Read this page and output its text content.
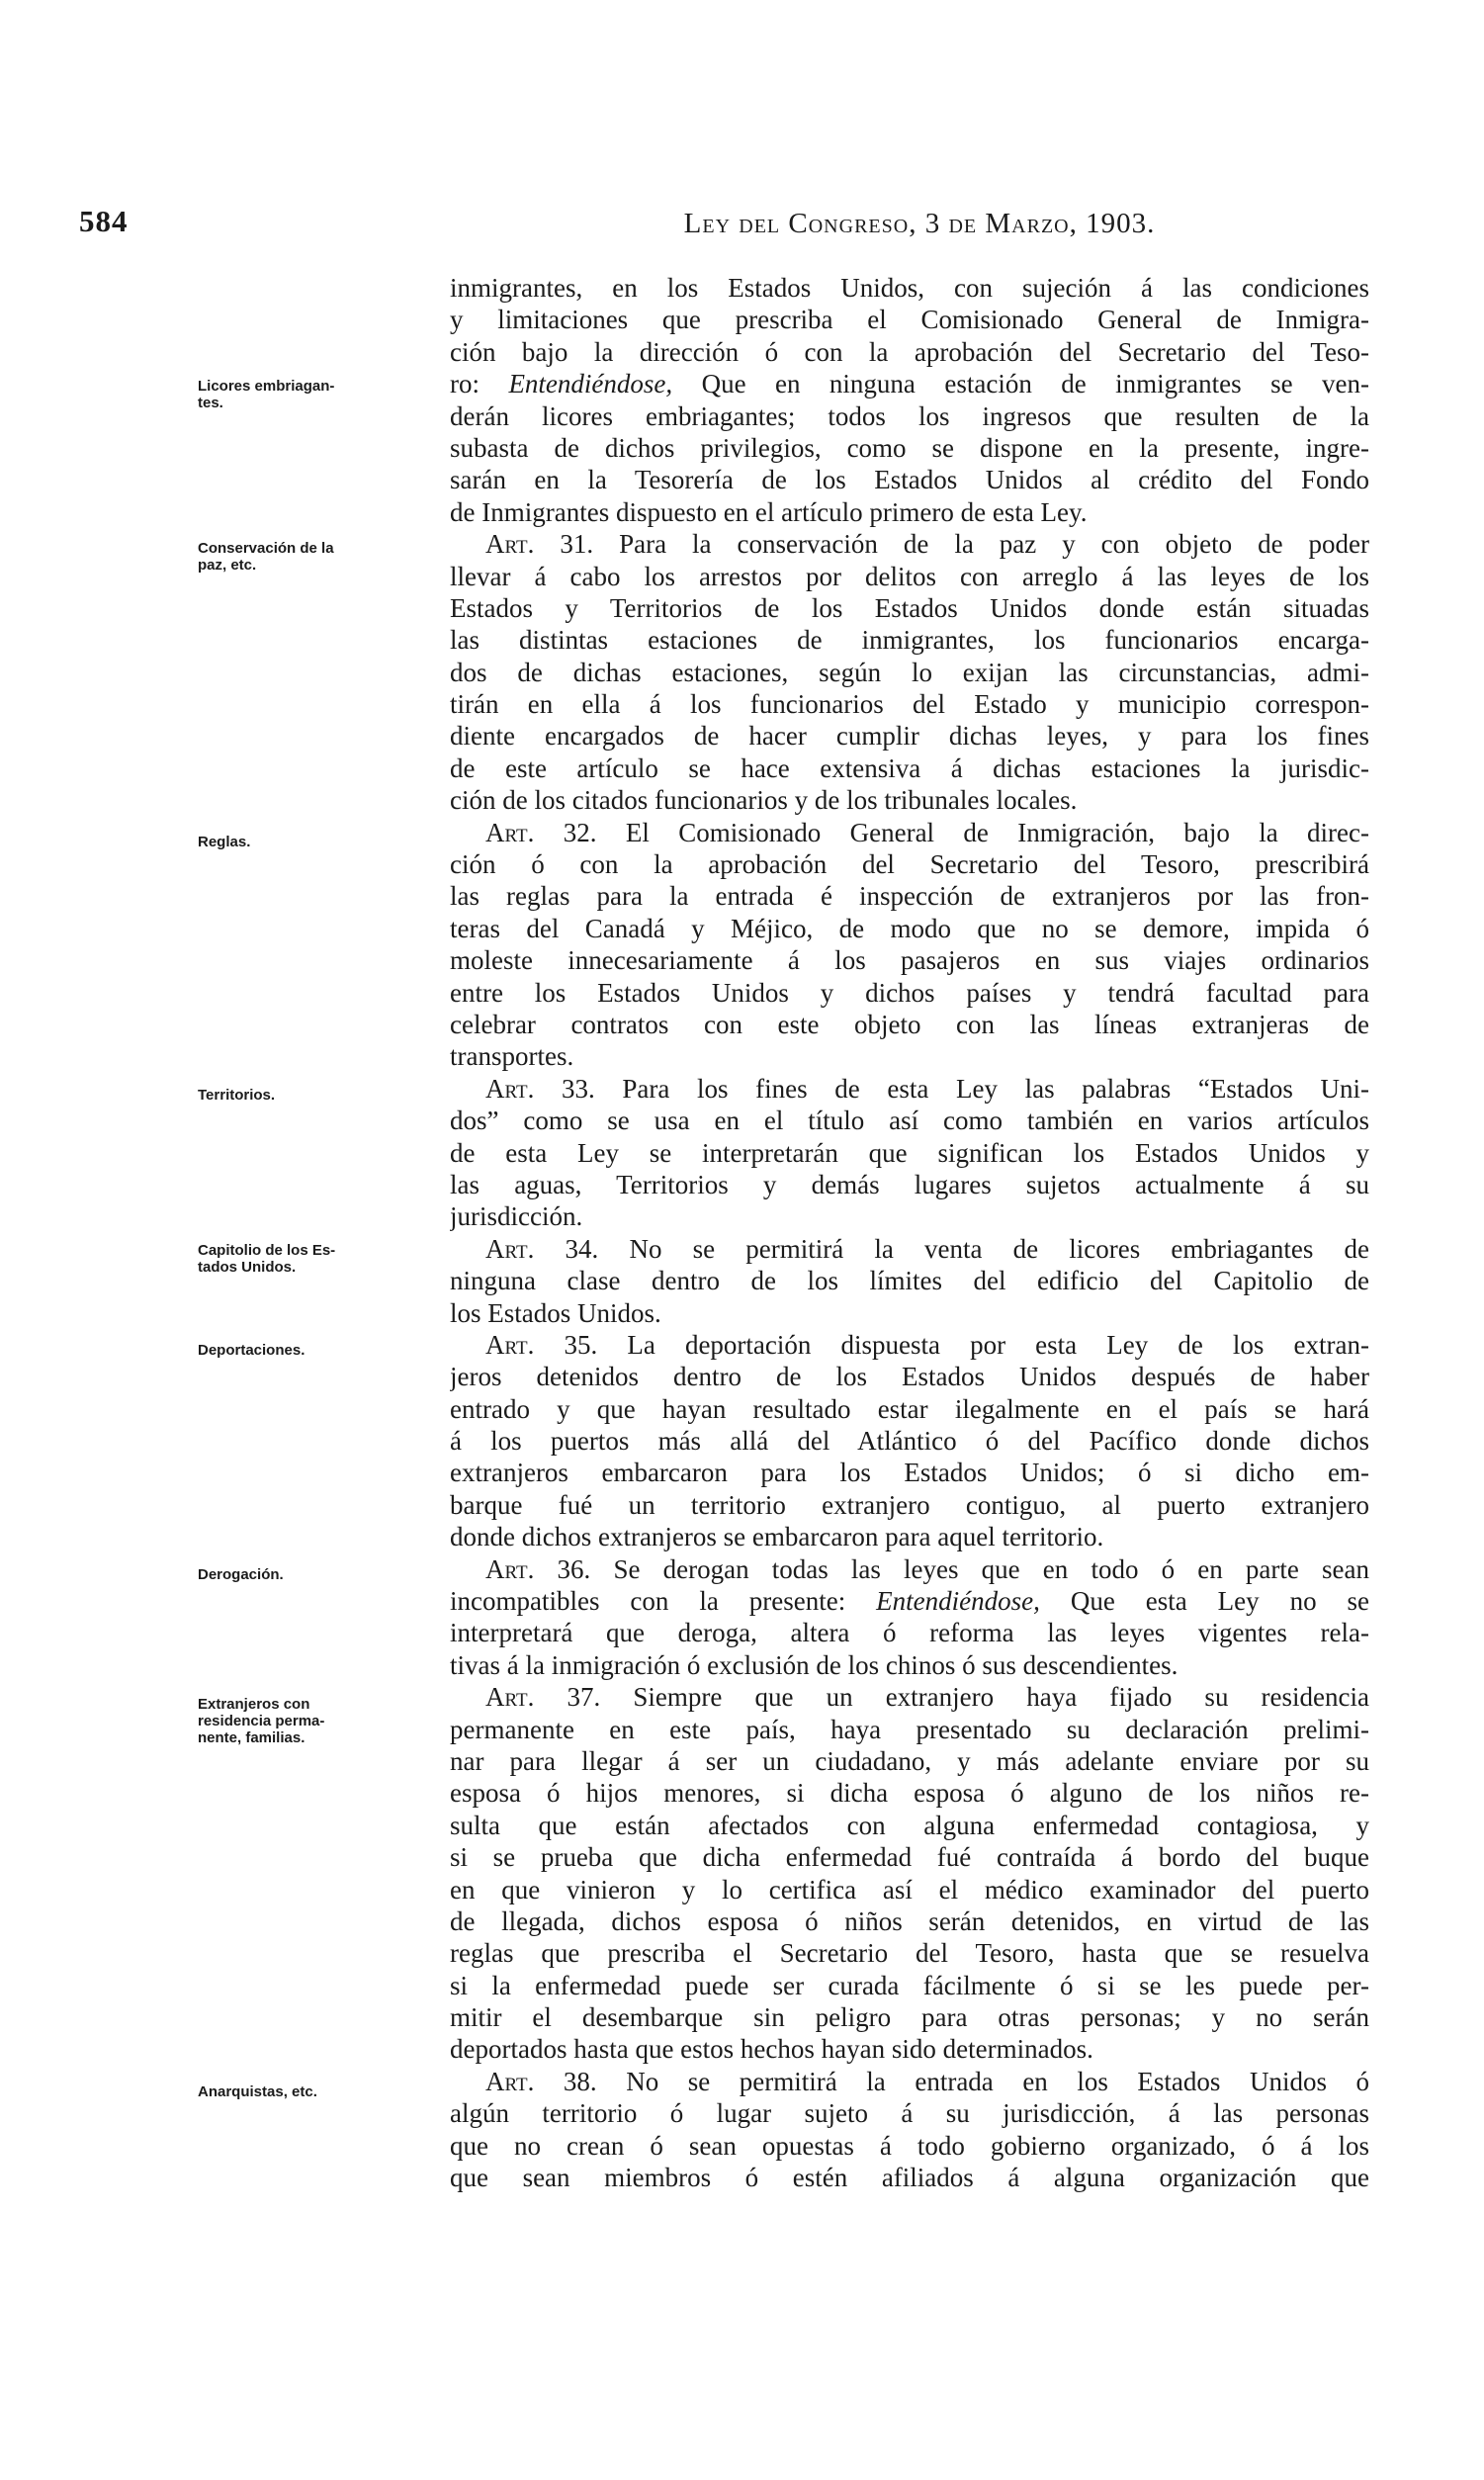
584	Ley del Congreso, 3 de Marzo, 1903.
Licores embriagan-
tes.
Conservación de la
paz, etc.
Reglas.
Territorios.
Capitolio de los Es-
tados Unidos.
Deportaciones.
Derogación.
Extranjeros con
residencia perma-
nente, familias.
Anarquistas, etc.
inmigrantes, en los Estados Unidos, con sujeción á las condiciones
y limitaciones que prescriba el Comisionado General de Inmigra-
ción bajo la dirección ó con la aprobación del Secretario del Teso-
ro: Entendiéndose, Que en ninguna estación de inmigrantes se ven-
derán licores embriagantes; todos los ingresos que resulten de la
subasta de dichos privilegios, como se dispone en la presente, ingre-
sarán en la Tesorería de los Estados Unidos al crédito del Fondo
de Inmigrantes dispuesto en el artículo primero de esta Ley.
Art. 31. Para la conservación de la paz y con objeto de poder
llevar á cabo los arrestos por delitos con arreglo á las leyes de los
Estados y Territorios de los Estados Unidos donde están situadas
las distintas estaciones de inmigrantes, los funcionarios encarga-
dos de dichas estaciones, según lo exijan las circunstancias, admi-
tirán en ella á los funcionarios del Estado y municipio correspon-
diente encargados de hacer cumplir dichas leyes, y para los fines
de este artículo se hace extensiva á dichas estaciones la jurisdic-
ción de los citados funcionarios y de los tribunales locales.
Art. 32. El Comisionado General de Inmigración, bajo la direc-
ción ó con la aprobación del Secretario del Tesoro, prescribirá
las reglas para la entrada é inspección de extranjeros por las fron-
teras del Canadá y Méjico, de modo que no se demore, impida ó
moleste innecesariamente á los pasajeros en sus viajes ordinarios
entre los Estados Unidos y dichos países y tendrá facultad para
celebrar contratos con este objeto con las líneas extranjeras de
transportes.
Art. 33. Para los fines de esta Ley las palabras “Estados Uni-
dos” como se usa en el título así como también en varios artículos
de esta Ley se interpretarán que significan los Estados Unidos y
las aguas, Territorios y demás lugares sujetos actualmente á su
jurisdicción.
Art. 34. No se permitirá la venta de licores embriagantes de
ninguna clase dentro de los límites del edificio del Capitolio de
los Estados Unidos.
Art. 35. La deportación dispuesta por esta Ley de los extran-
jeros detenidos dentro de los Estados Unidos después de haber
entrado y que hayan resultado estar ilegalmente en el país se hará
á los puertos más allá del Atlántico ó del Pacífico donde dichos
extranjeros embarcaron para los Estados Unidos; ó si dicho em-
barque fué un territorio extranjero contiguo, al puerto extranjero
donde dichos extranjeros se embarcaron para aquel territorio.
Art. 36. Se derogan todas las leyes que en todo ó en parte sean
incompatibles con la presente: Entendiéndose, Que esta Ley no se
interpretará que deroga, altera ó reforma las leyes vigentes rela-
tivas á la inmigración ó exclusión de los chinos ó sus descendientes.
Art. 37. Siempre que un extranjero haya fijado su residencia
permanente en este país, haya presentado su declaración prelimi-
nar para llegar á ser un ciudadano, y más adelante enviare por su
esposa ó hijos menores, si dicha esposa ó alguno de los niños re-
sulta que están afectados con alguna enfermedad contagiosa, y
si se prueba que dicha enfermedad fué contraída á bordo del buque
en que vinieron y lo certifica así el médico examinador del puerto
de llegada, dichos esposa ó niños serán detenidos, en virtud de las
reglas que prescriba el Secretario del Tesoro, hasta que se resuelva
si la enfermedad puede ser curada fácilmente ó si se les puede per-
mitir el desembarque sin peligro para otras personas; y no serán
deportados hasta que estos hechos hayan sido determinados.
Art. 38. No se permitirá la entrada en los Estados Unidos ó
algún territorio ó lugar sujeto á su jurisdicción, á las personas
que no crean ó sean opuestas á todo gobierno organizado, ó á los
que sean miembros ó estén afiliados á alguna organización que
